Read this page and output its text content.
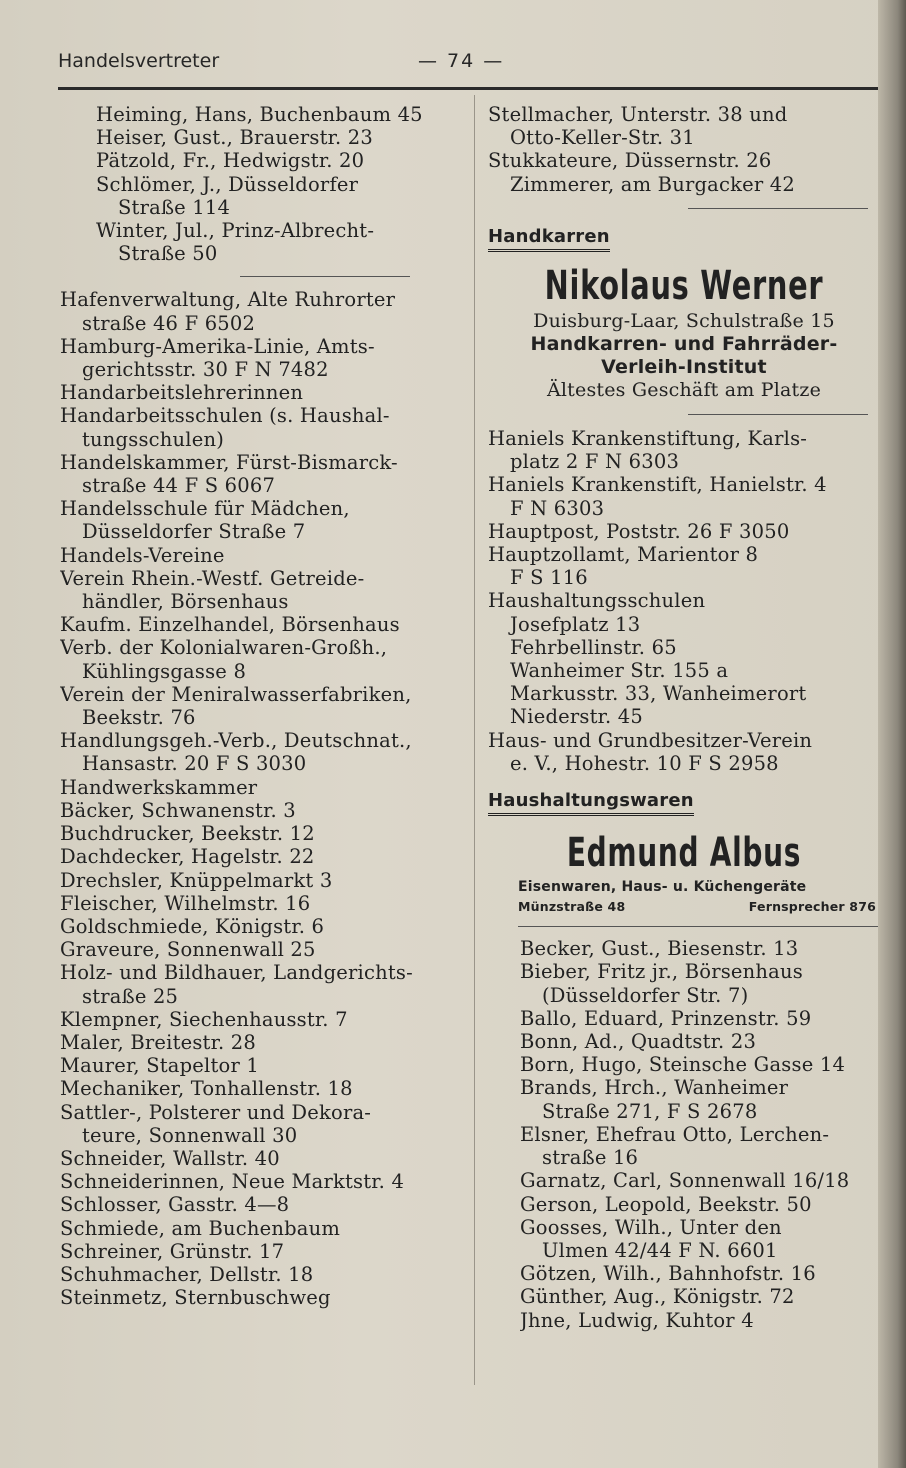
Handelsvertreter	— 74 —
Heiming, Hans, Buchenbaum 45
Heiser, Gust., Brauerstr. 23
Pätzold, Fr., Hedwigstr. 20
Schlömer, J., Düsseldorfer
Straße 114
Winter, Jul., Prinz-Albrecht-
Straße 50
Hafenverwaltung, Alte Ruhrorter
straße 46 F 6502
Hamburg-Amerika-Linie, Amts-
gerichtsstr. 30 F N 7482
Handarbeitslehrerinnen
Handarbeitsschulen (s. Haushal-
tungsschulen)
Handelskammer, Fürst-Bismarck-
straße 44 F S 6067
Handelsschule für Mädchen,
Düsseldorfer Straße 7
Handels-Vereine
Verein Rhein.-Westf. Getreide-
händler, Börsenhaus
Kaufm. Einzelhandel, Börsenhaus
Verb. der Kolonialwaren-Großh.,
Kühlingsgasse 8
Verein der Meniralwasserfabriken,
Beekstr. 76
Handlungsgeh.-Verb., Deutschnat.,
Hansastr. 20 F S 3030
Handwerkskammer
Bäcker, Schwanenstr. 3
Buchdrucker, Beekstr. 12
Dachdecker, Hagelstr. 22
Drechsler, Knüppelmarkt 3
Fleischer, Wilhelmstr. 16
Goldschmiede, Königstr. 6
Graveure, Sonnenwall 25
Holz- und Bildhauer, Landgerichts-
straße 25
Klempner, Siechenhausstr. 7
Maler, Breitestr. 28
Maurer, Stapeltor 1
Mechaniker, Tonhallenstr. 18
Sattler-, Polsterer und Dekora-
teure, Sonnenwall 30
Schneider, Wallstr. 40
Schneiderinnen, Neue Marktstr. 4
Schlosser, Gasstr. 4—8
Schmiede, am Buchenbaum
Schreiner, Grünstr. 17
Schuhmacher, Dellstr. 18
Steinmetz, Sternbuschweg
Stellmacher, Unterstr. 38 und
Otto-Keller-Str. 31
Stukkateure, Düssernstr. 26
Zimmerer, am Burgacker 42
Handkarren
Nikolaus Werner
Duisburg-Laar, Schulstraße 15
Handkarren- und Fahrräder-
Verleih-Institut
Ältestes Geschäft am Platze
Haniels Krankenstiftung, Karls-
platz 2 F N 6303
Haniels Krankenstift, Hanielstr. 4
F N 6303
Hauptpost, Poststr. 26 F 3050
Hauptzollamt, Marientor 8
F S 116
Haushaltungsschulen
Josefplatz 13
Fehrbellinstr. 65
Wanheimer Str. 155 a
Markusstr. 33, Wanheimerort
Niederstr. 45
Haus- und Grundbesitzer-Verein
e. V., Hohestr. 10 F S 2958
Haushaltungswaren
Edmund Albus
Eisenwaren, Haus- u. Küchengeräte
Münzstraße 48	Fernsprecher 876
Becker, Gust., Biesenstr. 13
Bieber, Fritz jr., Börsenhaus
(Düsseldorfer Str. 7)
Ballo, Eduard, Prinzenstr. 59
Bonn, Ad., Quadtstr. 23
Born, Hugo, Steinsche Gasse 14
Brands, Hrch., Wanheimer
Straße 271, F S 2678
Elsner, Ehefrau Otto, Lerchen-
straße 16
Garnatz, Carl, Sonnenwall 16/18
Gerson, Leopold, Beekstr. 50
Goosses, Wilh., Unter den
Ulmen 42/44 F N. 6601
Götzen, Wilh., Bahnhofstr. 16
Günther, Aug., Königstr. 72
Jhne, Ludwig, Kuhtor 4
